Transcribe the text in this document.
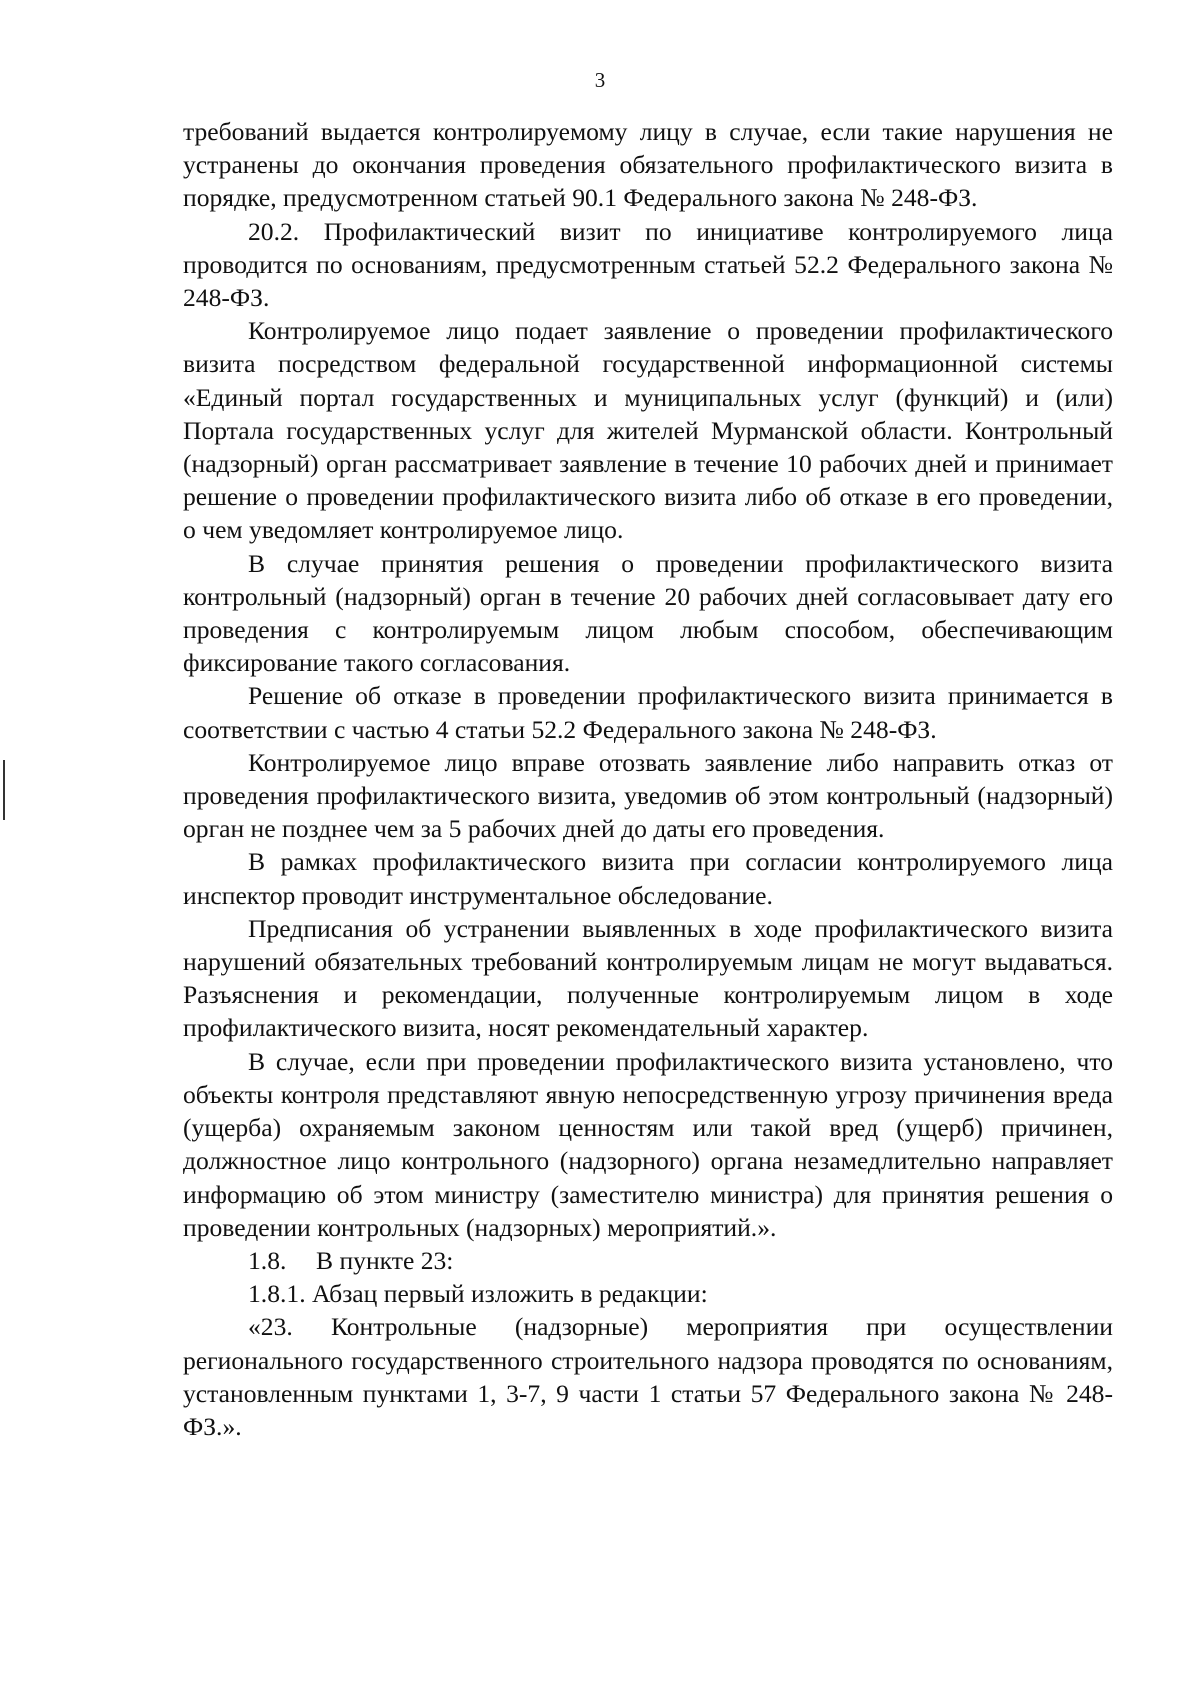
3

требований выдается контролируемому лицу в случае, если такие нарушения не устранены до окончания проведения обязательного профилактического визита в порядке, предусмотренном статьей 90.1 Федерального закона № 248-ФЗ.

20.2. Профилактический визит по инициативе контролируемого лица проводится по основаниям, предусмотренным статьей 52.2 Федерального закона № 248-ФЗ.

Контролируемое лицо подает заявление о проведении профилактического визита посредством федеральной государственной информационной системы «Единый портал государственных и муниципальных услуг (функций) и (или) Портала государственных услуг для жителей Мурманской области. Контрольный (надзорный) орган рассматривает заявление в течение 10 рабочих дней и принимает решение о проведении профилактического визита либо об отказе в его проведении, о чем уведомляет контролируемое лицо.

В случае принятия решения о проведении профилактического визита контрольный (надзорный) орган в течение 20 рабочих дней согласовывает дату его проведения с контролируемым лицом любым способом, обеспечивающим фиксирование такого согласования.

Решение об отказе в проведении профилактического визита принимается в соответствии с частью 4 статьи 52.2 Федерального закона № 248-ФЗ.

Контролируемое лицо вправе отозвать заявление либо направить отказ от проведения профилактического визита, уведомив об этом контрольный (надзорный) орган не позднее чем за 5 рабочих дней до даты его проведения.

В рамках профилактического визита при согласии контролируемого лица инспектор проводит инструментальное обследование.

Предписания об устранении выявленных в ходе профилактического визита нарушений обязательных требований контролируемым лицам не могут выдаваться. Разъяснения и рекомендации, полученные контролируемым лицом в ходе профилактического визита, носят рекомендательный характер.

В случае, если при проведении профилактического визита установлено, что объекты контроля представляют явную непосредственную угрозу причинения вреда (ущерба) охраняемым законом ценностям или такой вред (ущерб) причинен, должностное лицо контрольного (надзорного) органа незамедлительно направляет информацию об этом министру (заместителю министра) для принятия решения о проведении контрольных (надзорных) мероприятий.».

1.8. В пункте 23:

1.8.1. Абзац первый изложить в редакции:

«23. Контрольные (надзорные) мероприятия при осуществлении регионального государственного строительного надзора проводятся по основаниям, установленным пунктами 1, 3-7, 9 части 1 статьи 57 Федерального закона № 248-ФЗ.».
